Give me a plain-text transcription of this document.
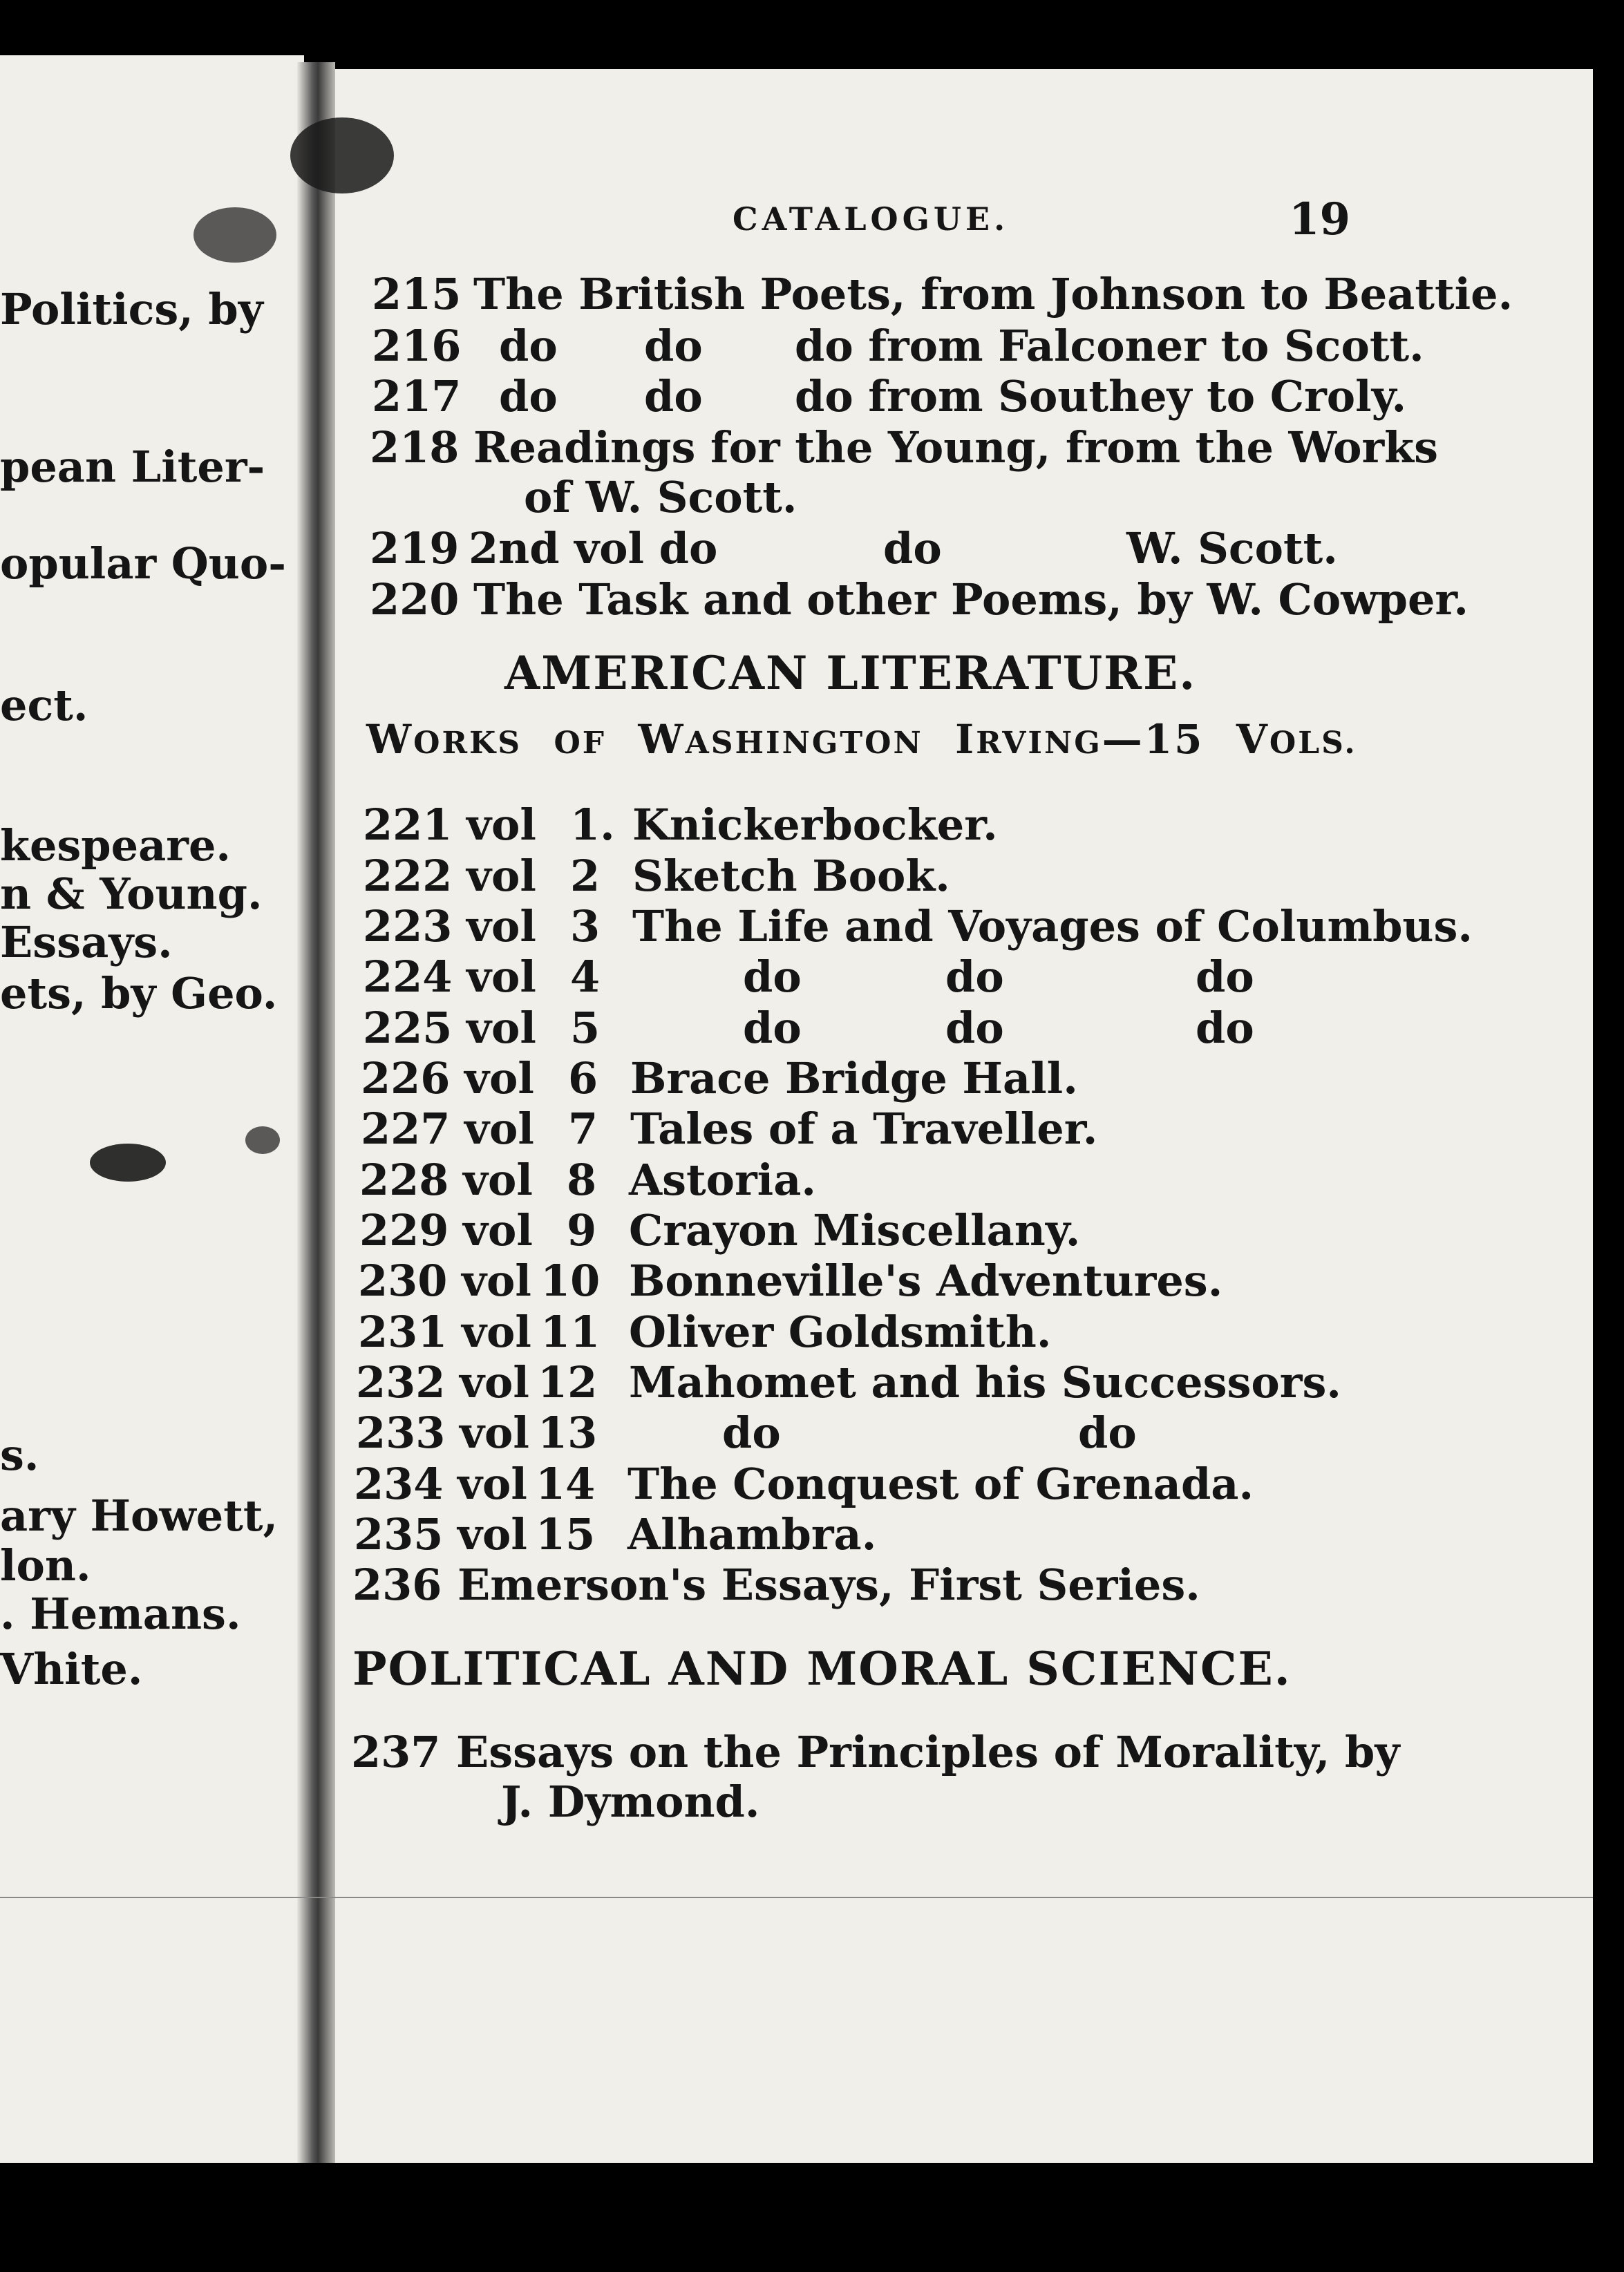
Politics, by
pean Liter-
opular Quo-
ect.
kespeare.
n & Young.
Essays.
ets, by Geo.
s.
ary Howett,
lon.
. Hemans.
Vhite.
CATALOGUE.	19
215 The British Poets, from Johnson to Beattie.
216 do do do from Falconer to Scott.
217 do do do from Southey to Croly.
218 Readings for the Young, from the Works
of W. Scott.
219 2nd vol do	do	W. Scott.
220 The Task and other Poems, by W. Cowper.
AMERICAN LITERATURE.
WORKS OF WASHINGTON IRVING—15 VOLS.
221 vol 1. Knickerbocker.
222 vol 2 Sketch Book.
223 vol 3 The Life and Voyages of Columbus.
224 vol 4	do	do	do
225 vol 5	do	do	do
226 vol 6 Brace Bridge Hall.
227 vol 7 Tales of a Traveller.
228 vol 8 Astoria.
229 vol 9 Crayon Miscellany.
230 vol 10 Bonneville's Adventures.
231 vol 11 Oliver Goldsmith.
232 vol 12 Mahomet and his Successors.
233 vol 13	do	do
234 vol 14 The Conquest of Grenada.
235 vol 15 Alhambra.
236 Emerson's Essays, First Series.
POLITICAL AND MORAL SCIENCE.
237 Essays on the Principles of Morality, by
J. Dymond.
